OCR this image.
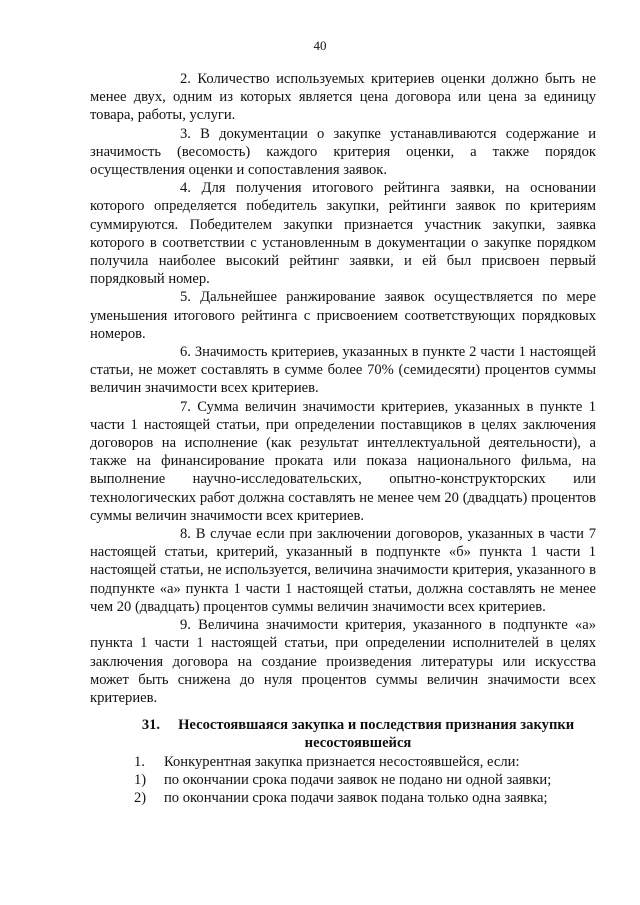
40

2. Количество используемых критериев оценки должно быть не менее двух, одним из которых является цена договора или цена за единицу товара, работы, услуги.

3. В документации о закупке устанавливаются содержание и значимость (весомость) каждого критерия оценки, а также порядок осуществления оценки и сопоставления заявок.

4. Для получения итогового рейтинга заявки, на основании которого определяется победитель закупки, рейтинги заявок по критериям суммируются. Победителем закупки признается участник закупки, заявка которого в соответствии с установленным в документации о закупке порядком получила наиболее высокий рейтинг заявки, и ей был присвоен первый порядковый номер.

5. Дальнейшее ранжирование заявок осуществляется по мере уменьшения итогового рейтинга с присвоением соответствующих порядковых номеров.

6. Значимость критериев, указанных в пункте 2 части 1 настоящей статьи, не может составлять в сумме более 70% (семидесяти) процентов суммы величин значимости всех критериев.

7. Сумма величин значимости критериев, указанных в пункте 1 части 1 настоящей статьи, при определении поставщиков в целях заключения договоров на исполнение (как результат интеллектуальной деятельности), а также на финансирование проката или показа национального фильма, на выполнение научно-исследовательских, опытно-конструкторских или технологических работ должна составлять не менее чем 20 (двадцать) процентов суммы величин значимости всех критериев.

8. В случае если при заключении договоров, указанных в части 7 настоящей статьи, критерий, указанный в подпункте «б» пункта 1 части 1 настоящей статьи, не используется, величина значимости критерия, указанного в подпункте «а» пункта 1 части 1 настоящей статьи, должна составлять не менее чем 20 (двадцать) процентов суммы величин значимости всех критериев.

9. Величина значимости критерия, указанного в подпункте «а» пункта 1 части 1 настоящей статьи, при определении исполнителей в целях заключения договора на создание произведения литературы или искусства может быть снижена до нуля процентов суммы величин значимости всех критериев.

31. Несостоявшаяся закупка и последствия признания закупки несостоявшейся

1.	Конкурентная закупка признается несостоявшейся, если:

1)	по окончании срока подачи заявок не подано ни одной заявки;

2)	по окончании срока подачи заявок подана только одна заявка;
